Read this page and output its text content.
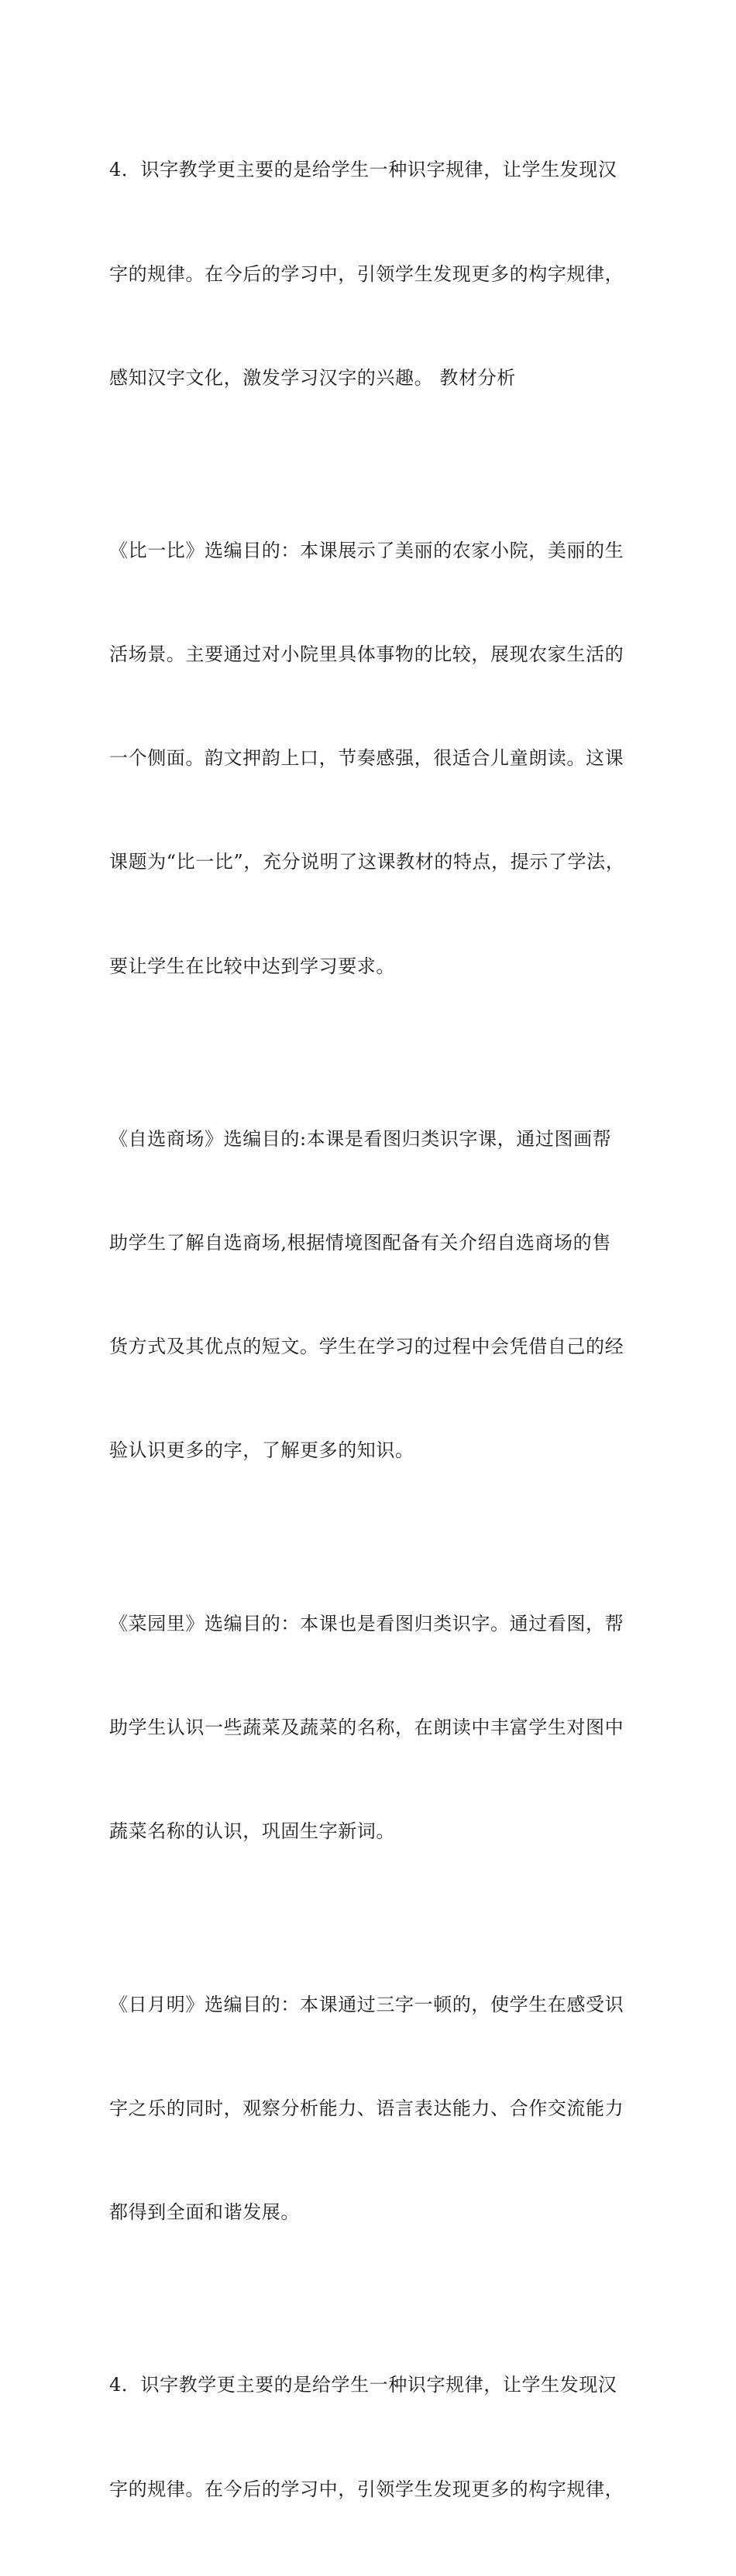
4．识字教学更主要的是给学生一种识字规律，让学生发现汉

字的规律。在今后的学习中，引领学生发现更多的构字规律，

感知汉字文化，激发学习汉字的兴趣。 教材分析

《比一比》选编目的：本课展示了美丽的农家小院，美丽的生

活场景。主要通过对小院里具体事物的比较，展现农家生活的

一个侧面。韵文押韵上口，节奏感强，很适合儿童朗读。这课

课题为“比一比”，充分说明了这课教材的特点，提示了学法，

要让学生在比较中达到学习要求。

《自选商场》选编目的:本课是看图归类识字课，通过图画帮

助学生了解自选商场,根据情境图配备有关介绍自选商场的售

货方式及其优点的短文。学生在学习的过程中会凭借自己的经

验认识更多的字，了解更多的知识。

《菜园里》选编目的：本课也是看图归类识字。通过看图，帮

助学生认识一些蔬菜及蔬菜的名称，在朗读中丰富学生对图中

蔬菜名称的认识，巩固生字新词。

《日月明》选编目的：本课通过三字一顿的，使学生在感受识

字之乐的同时，观察分析能力、语言表达能力、合作交流能力

都得到全面和谐发展。

4．识字教学更主要的是给学生一种识字规律，让学生发现汉

字的规律。在今后的学习中，引领学生发现更多的构字规律，
